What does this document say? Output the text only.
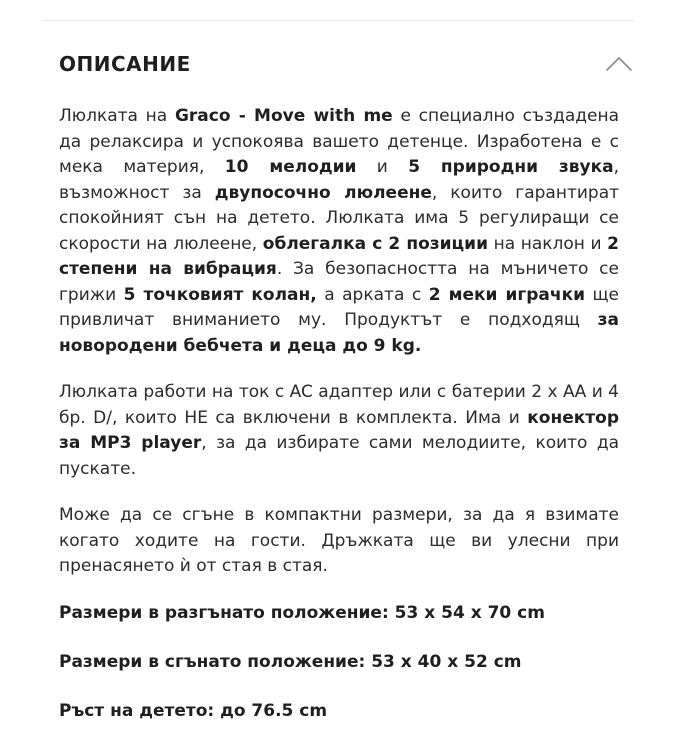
ОПИСАНИЕ

Люлката на Graco - Move with me е специално създадена да релаксира и успокоява вашето детенце. Изработена е с мека материя, 10 мелодии и 5 природни звука, възможност за двупосочно люлеене, които гарантират спокойният сън на детето. Люлката има 5 регулиращи се скорости на люлеене, облегалка с 2 позиции на наклон и 2 степени на вибрация. За безопасността на мъничето се грижи 5 точковият колан, а арката с 2 меки играчки ще привличат вниманието му. Продуктът е подходящ за новородени бебчета и деца до 9 kg.

Люлката работи на ток с AC адаптер или с батерии 2 х АА и 4 бр. D/, които НЕ са включени в комплекта. Има и конектор за MP3 player, за да избирате сами мелодиите, които да пускате.

Може да се сгъне в компактни размери, за да я взимате когато ходите на гости. Дръжката ще ви улесни при пренасянето ѝ от стая в стая.

Размери в разгънато положение: 53 х 54 х 70 cm

Размери в сгънато положение: 53 х 40 х 52 cm

Ръст на детето: до 76.5 cm
